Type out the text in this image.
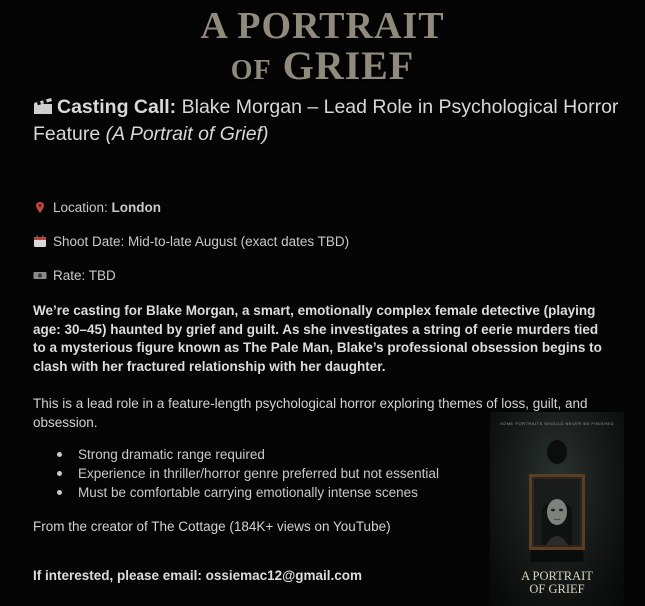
A PORTRAIT
OF GRIEF
Casting Call: Blake Morgan – Lead Role in Psychological Horror Feature (A Portrait of Grief)
Location: London
Shoot Date: Mid-to-late August (exact dates TBD)
Rate: TBD
We’re casting for Blake Morgan, a smart, emotionally complex female detective (playing age: 30–45) haunted by grief and guilt. As she investigates a string of eerie murders tied to a mysterious figure known as The Pale Man, Blake’s professional obsession begins to clash with her fractured relationship with her daughter.
This is a lead role in a feature-length psychological horror exploring themes of loss, guilt, and obsession.
Strong dramatic range required
Experience in thriller/horror genre preferred but not essential
Must be comfortable carrying emotionally intense scenes
From the creator of The Cottage (184K+ views on YouTube)
If interested, please email: ossiemac12@gmail.com
SOME PORTRAITS SHOULD NEVER BE FINISHED
A PORTRAIT
OF GRIEF
